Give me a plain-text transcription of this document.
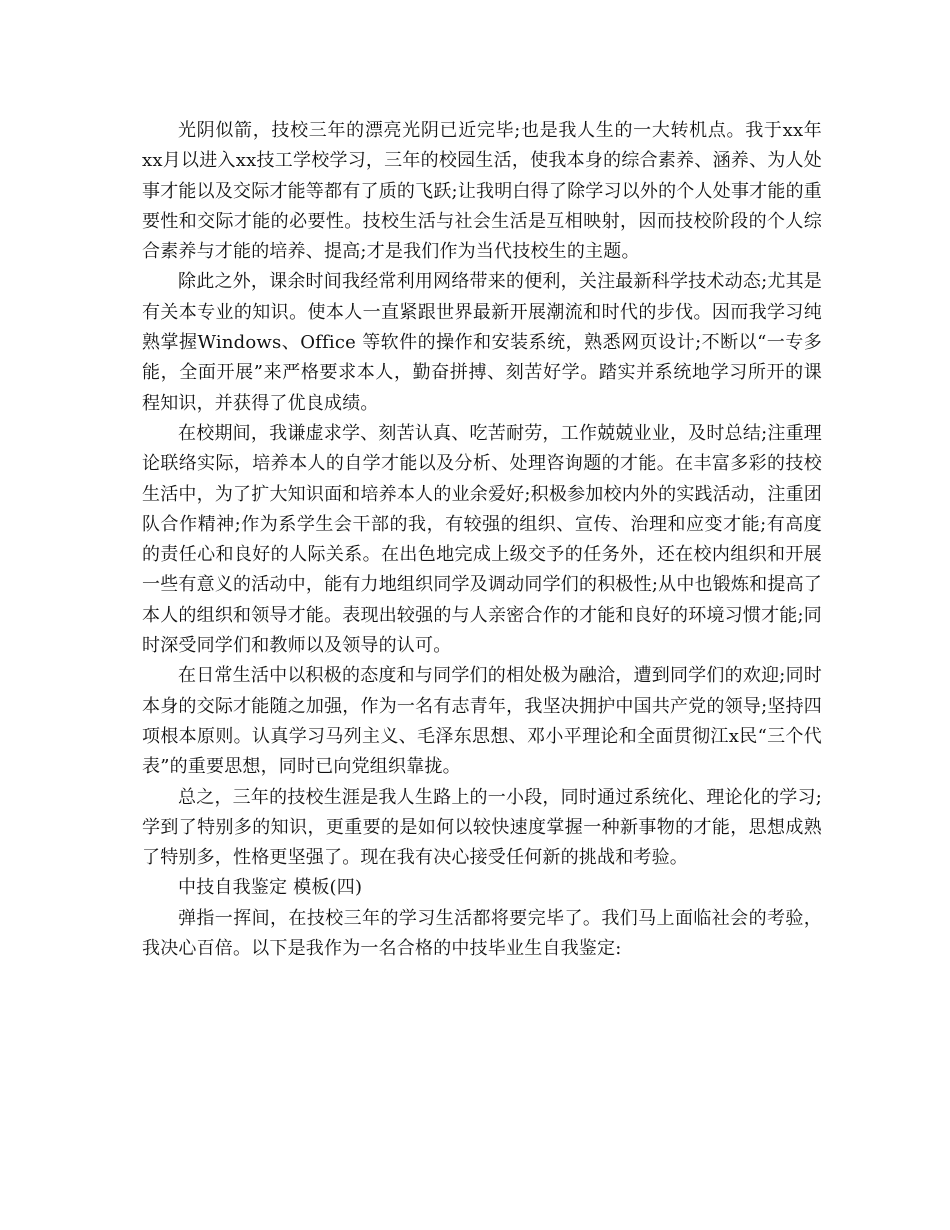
光阴似箭，技校三年的漂亮光阴已近完毕;也是我人生的一大转机点。我于xx年xx月以进入xx技工学校学习，三年的校园生活，使我本身的综合素养、涵养、为人处事才能以及交际才能等都有了质的飞跃;让我明白得了除学习以外的个人处事才能的重要性和交际才能的必要性。技校生活与社会生活是互相映射，因而技校阶段的个人综合素养与才能的培养、提高;才是我们作为当代技校生的主题。

除此之外，课余时间我经常利用网络带来的便利，关注最新科学技术动态;尤其是有关本专业的知识。使本人一直紧跟世界最新开展潮流和时代的步伐。因而我学习纯熟掌握Windows、Office 等软件的操作和安装系统，熟悉网页设计;不断以“一专多能，全面开展”来严格要求本人，勤奋拼搏、刻苦好学。踏实并系统地学习所开的课程知识，并获得了优良成绩。

在校期间，我谦虚求学、刻苦认真、吃苦耐劳，工作兢兢业业，及时总结;注重理论联络实际，培养本人的自学才能以及分析、处理咨询题的才能。在丰富多彩的技校生活中，为了扩大知识面和培养本人的业余爱好;积极参加校内外的实践活动，注重团队合作精神;作为系学生会干部的我，有较强的组织、宣传、治理和应变才能;有高度的责任心和良好的人际关系。在出色地完成上级交予的任务外，还在校内组织和开展一些有意义的活动中，能有力地组织同学及调动同学们的积极性;从中也锻炼和提高了本人的组织和领导才能。表现出较强的与人亲密合作的才能和良好的环境习惯才能;同时深受同学们和教师以及领导的认可。

在日常生活中以积极的态度和与同学们的相处极为融洽，遭到同学们的欢迎;同时本身的交际才能随之加强，作为一名有志青年，我坚决拥护中国共产党的领导;坚持四项根本原则。认真学习马列主义、毛泽东思想、邓小平理论和全面贯彻江x民“三个代表”的重要思想，同时已向党组织靠拢。

总之，三年的技校生涯是我人生路上的一小段，同时通过系统化、理论化的学习;学到了特别多的知识，更重要的是如何以较快速度掌握一种新事物的才能，思想成熟了特别多，性格更坚强了。现在我有决心接受任何新的挑战和考验。

中技自我鉴定 模板(四)

弹指一挥间，在技校三年的学习生活都将要完毕了。我们马上面临社会的考验，我决心百倍。以下是我作为一名合格的中技毕业生自我鉴定:
